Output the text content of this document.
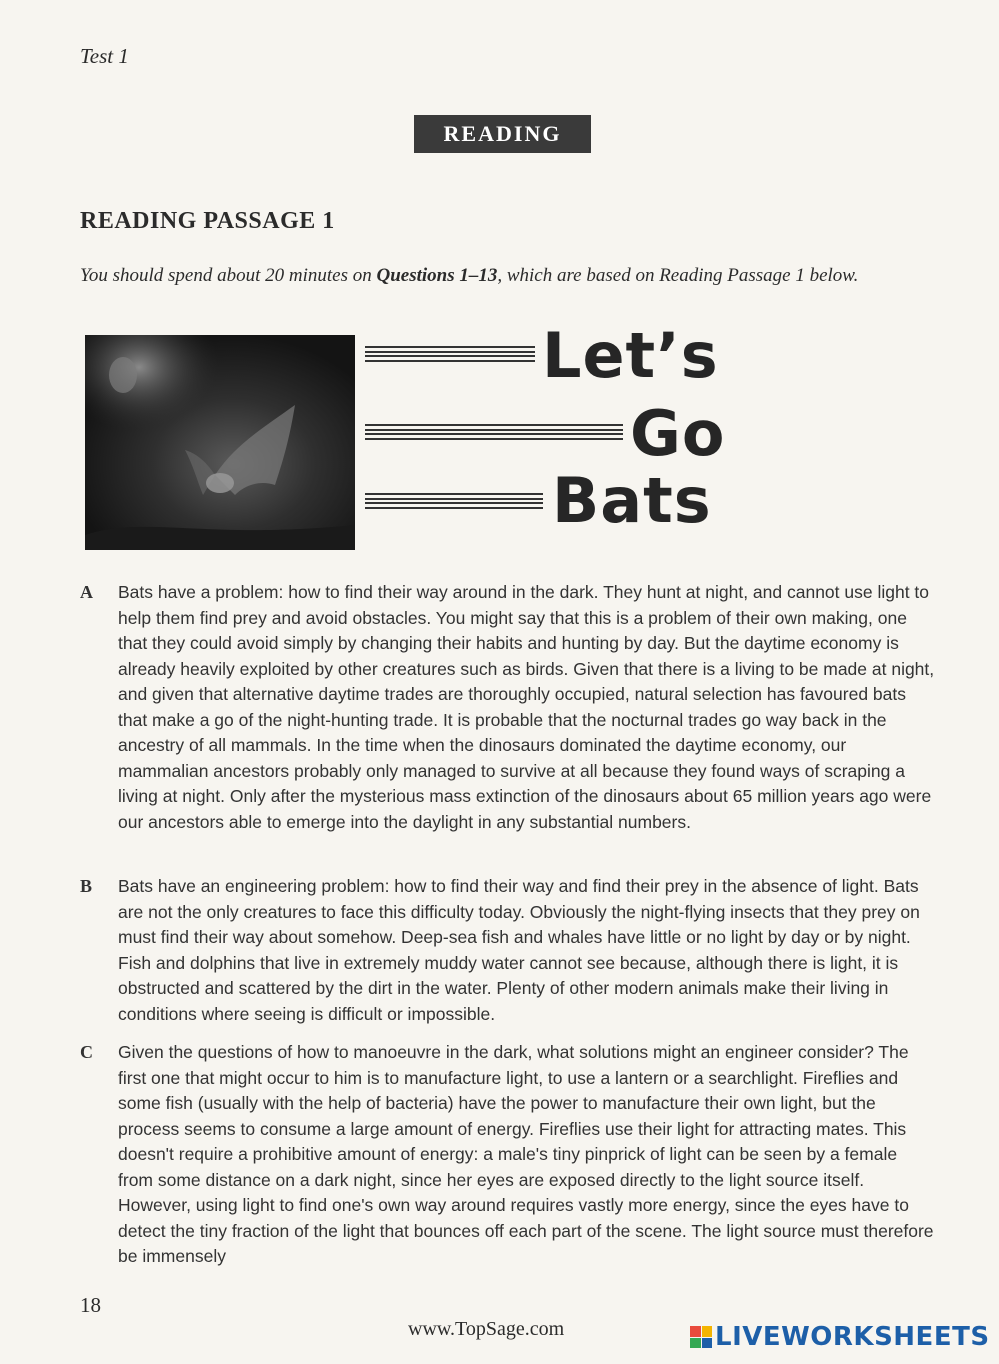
Test 1
READING
READING PASSAGE 1
You should spend about 20 minutes on Questions 1–13, which are based on Reading Passage 1 below.
Let’s
Go
Bats
A Bats have a problem: how to find their way around in the dark. They hunt at night, and cannot use light to help them find prey and avoid obstacles. You might say that this is a problem of their own making, one that they could avoid simply by changing their habits and hunting by day. But the daytime economy is already heavily exploited by other creatures such as birds. Given that there is a living to be made at night, and given that alternative daytime trades are thoroughly occupied, natural selection has favoured bats that make a go of the night-hunting trade. It is probable that the nocturnal trades go way back in the ancestry of all mammals. In the time when the dinosaurs dominated the daytime economy, our mammalian ancestors probably only managed to survive at all because they found ways of scraping a living at night. Only after the mysterious mass extinction of the dinosaurs about 65 million years ago were our ancestors able to emerge into the daylight in any substantial numbers.
B Bats have an engineering problem: how to find their way and find their prey in the absence of light. Bats are not the only creatures to face this difficulty today. Obviously the night-flying insects that they prey on must find their way about somehow. Deep-sea fish and whales have little or no light by day or by night. Fish and dolphins that live in extremely muddy water cannot see because, although there is light, it is obstructed and scattered by the dirt in the water. Plenty of other modern animals make their living in conditions where seeing is difficult or impossible.
C Given the questions of how to manoeuvre in the dark, what solutions might an engineer consider? The first one that might occur to him is to manufacture light, to use a lantern or a searchlight. Fireflies and some fish (usually with the help of bacteria) have the power to manufacture their own light, but the process seems to consume a large amount of energy. Fireflies use their light for attracting mates. This doesn't require a prohibitive amount of energy: a male's tiny pinprick of light can be seen by a female from some distance on a dark night, since her eyes are exposed directly to the light source itself. However, using light to find one's own way around requires vastly more energy, since the eyes have to detect the tiny fraction of the light that bounces off each part of the scene. The light source must therefore be immensely
18
www.TopSage.com	LIVEWORKSHEETS
